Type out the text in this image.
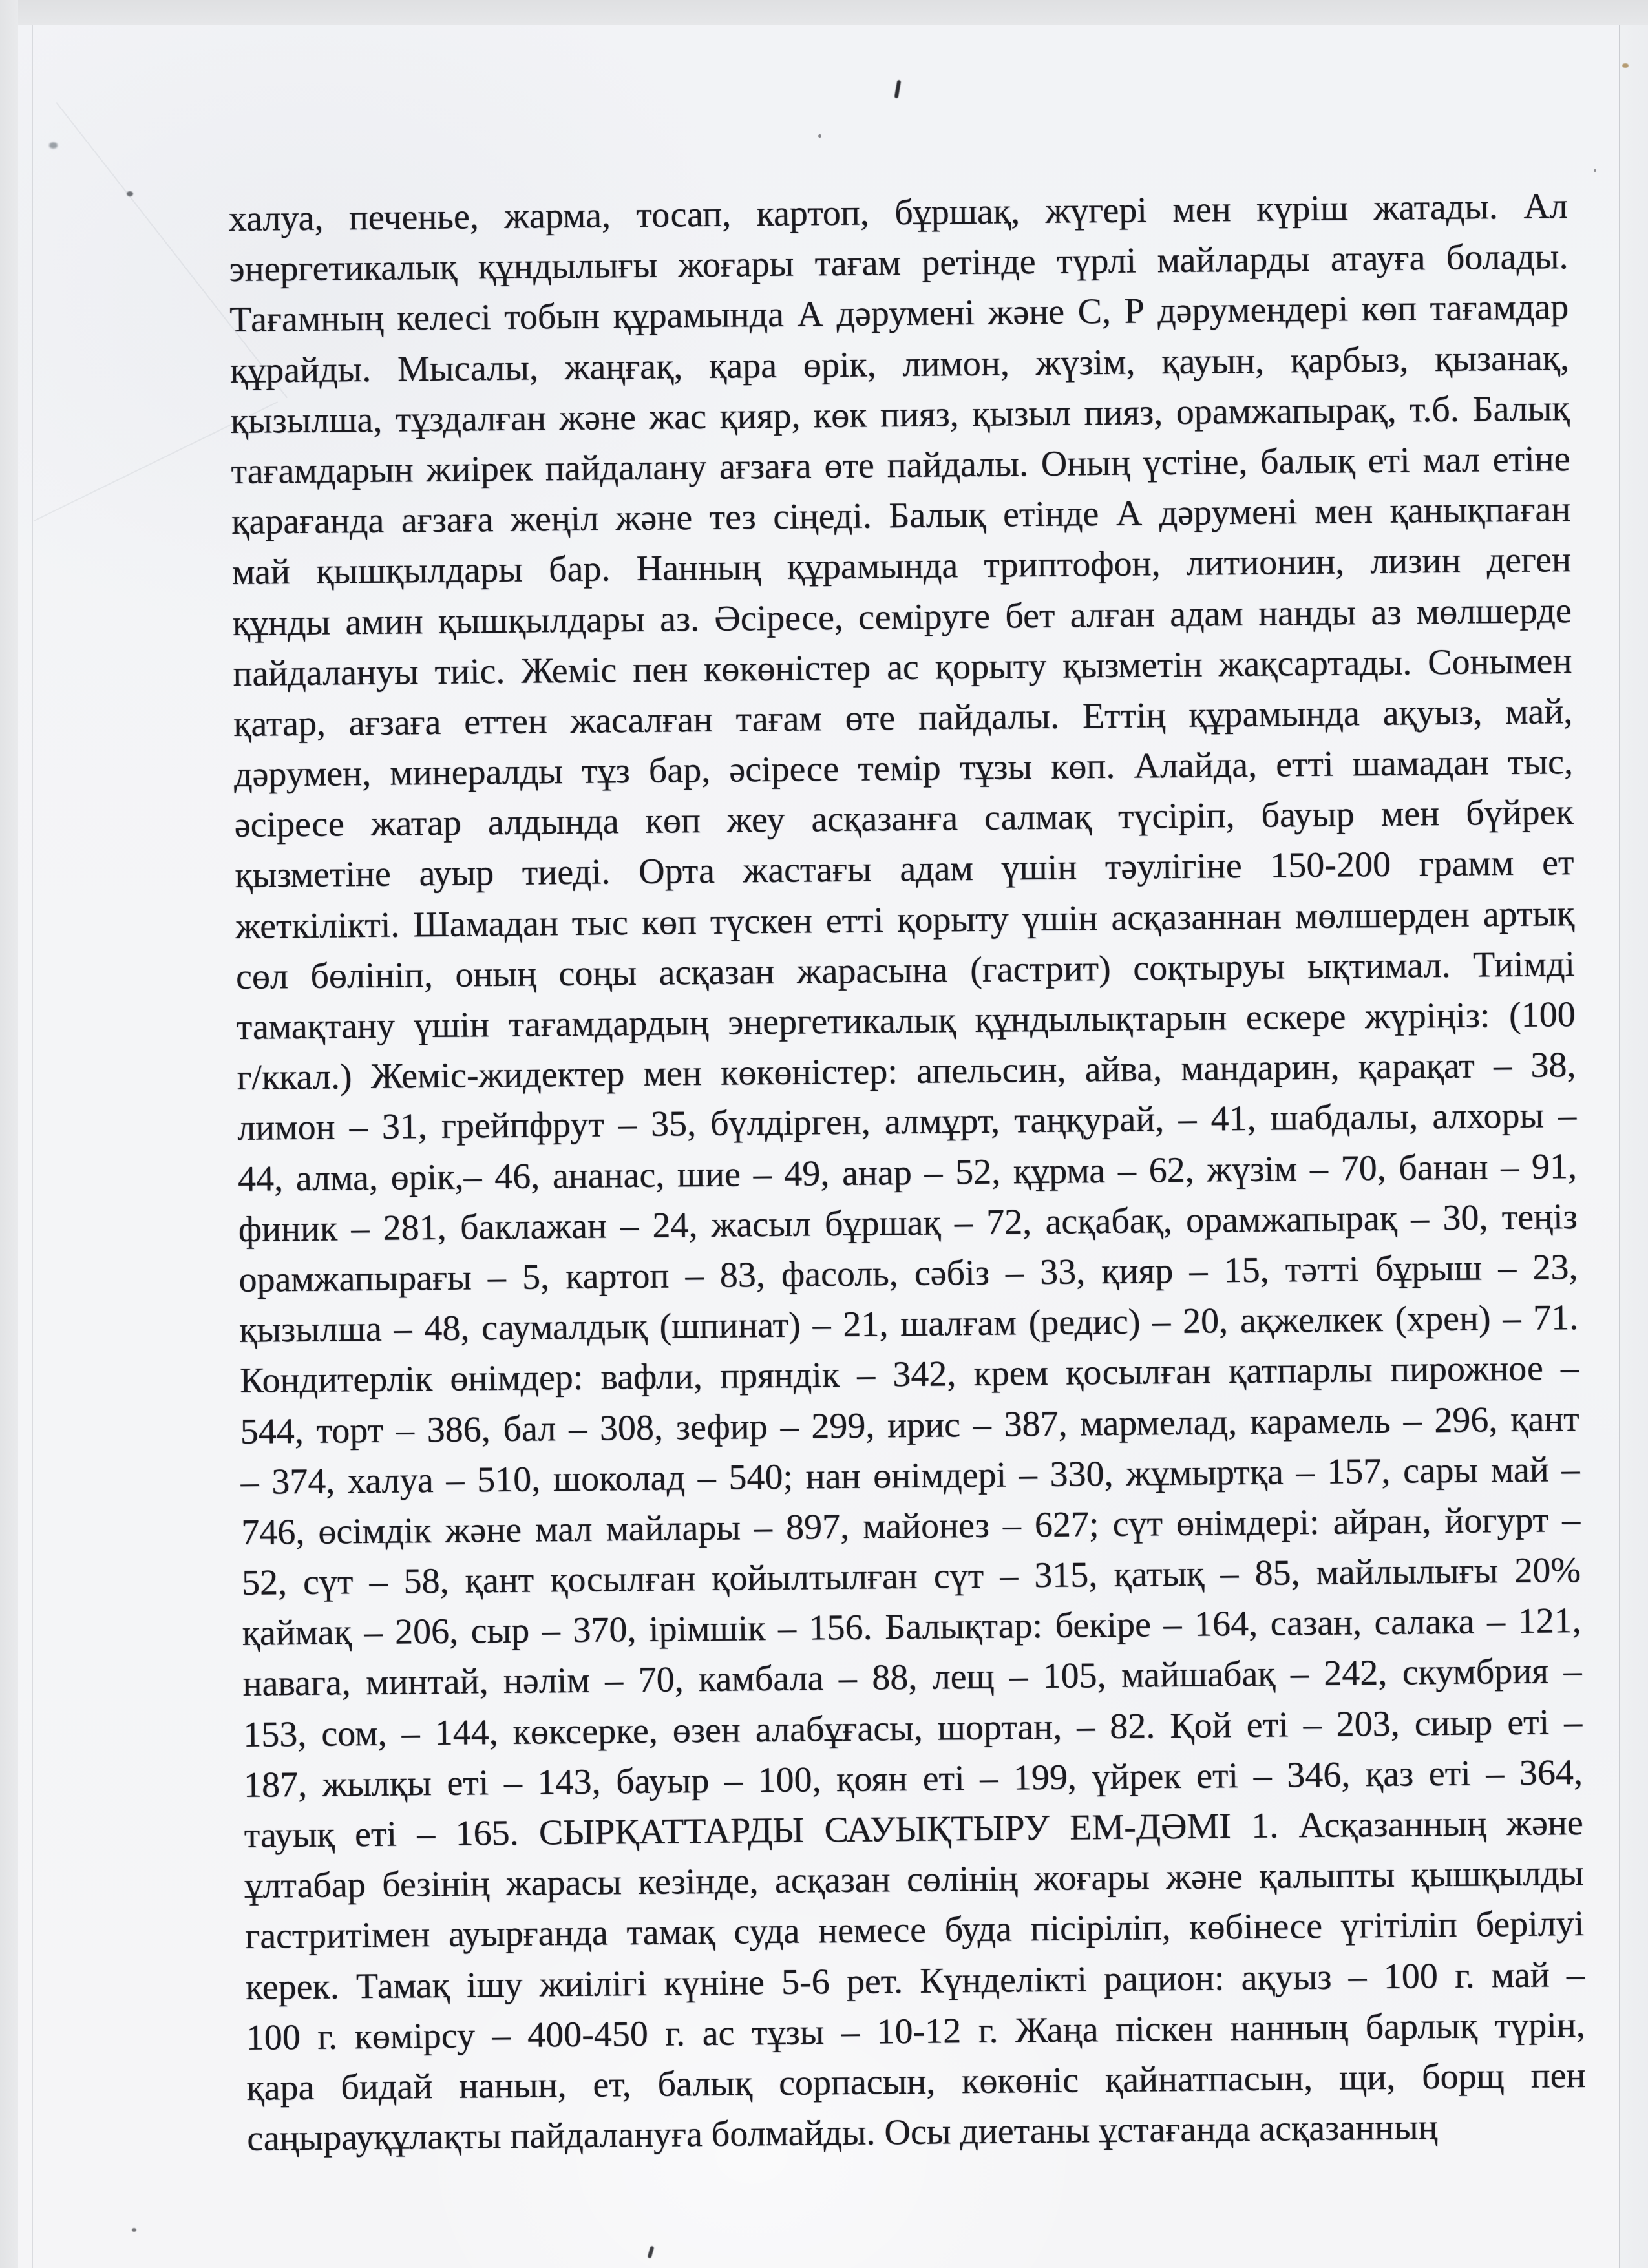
халуа, печенье, жарма, тосап, картоп, бұршақ, жүгері мен күріш жатады. Ал
энергетикалық құндылығы жоғары тағам ретінде түрлі майларды атауға болады.
Тағамның келесі тобын құрамында А дәрумені және С, Р дәрумендері көп тағамдар
құрайды. Мысалы, жаңғақ, қара өрік, лимон, жүзім, қауын, қарбыз, қызанақ,
қызылша, тұздалған және жас қияр, көк пияз, қызыл пияз, орамжапырақ, т.б. Балық
тағамдарын жиірек пайдалану ағзаға өте пайдалы. Оның үстіне, балық еті мал етіне
қарағанда ағзаға жеңіл және тез сіңеді. Балық етінде А дәрумені мен қанықпаған
май қышқылдары бар. Нанның құрамында триптофон, литионин, лизин деген
құнды амин қышқылдары аз. Әсіресе, семіруге бет алған адам нанды аз мөлшерде
пайдалануы тиіс. Жеміс пен көкөністер ас қорыту қызметін жақсартады. Сонымен
қатар, ағзаға еттен жасалған тағам өте пайдалы. Еттің құрамында ақуыз, май,
дәрумен, минералды тұз бар, әсіресе темір тұзы көп. Алайда, етті шамадан тыс,
әсіресе жатар алдында көп жеу асқазанға салмақ түсіріп, бауыр мен бүйрек
қызметіне ауыр тиеді. Орта жастағы адам үшін тәулігіне 150-200 грамм ет
жеткілікті. Шамадан тыс көп түскен етті қорыту үшін асқазаннан мөлшерден артық
сөл бөлініп, оның соңы асқазан жарасына (гастрит) соқтыруы ықтимал. Тиімді
тамақтану үшін тағамдардың энергетикалық құндылықтарын ескере жүріңіз: (100
г/ккал.) Жеміс-жидектер мен көкөністер: апельсин, айва, мандарин, қарақат – 38,
лимон – 31, грейпфрут – 35, бүлдірген, алмұрт, таңқурай, – 41, шабдалы, алхоры –
44, алма, өрік,– 46, ананас, шие – 49, анар – 52, құрма – 62, жүзім – 70, банан – 91,
финик – 281, баклажан – 24, жасыл бұршақ – 72, асқабақ, орамжапырақ – 30, теңіз
орамжапырағы – 5, картоп – 83, фасоль, сәбіз – 33, қияр – 15, тәтті бұрыш – 23,
қызылша – 48, саумалдық (шпинат) – 21, шалғам (редис) – 20, ақжелкек (хрен) – 71.
Кондитерлік өнімдер: вафли, пряндік – 342, крем қосылған қатпарлы пирожное –
544, торт – 386, бал – 308, зефир – 299, ирис – 387, мармелад, карамель – 296, қант
– 374, халуа – 510, шоколад – 540; нан өнімдері – 330, жұмыртқа – 157, сары май –
746, өсімдік және мал майлары – 897, майонез – 627; сүт өнімдері: айран, йогурт –
52, сүт – 58, қант қосылған қойылтылған сүт – 315, қатық – 85, майлылығы 20%
қаймақ – 206, сыр – 370, ірімшік – 156. Балықтар: бекіре – 164, сазан, салака – 121,
навага, минтай, нәлім – 70, камбала – 88, лещ – 105, майшабақ – 242, скумбрия –
153, сом, – 144, көксерке, өзен алабұғасы, шортан, – 82. Қой еті – 203, сиыр еті –
187, жылқы еті – 143, бауыр – 100, қоян еті – 199, үйрек еті – 346, қаз еті – 364,
тауық еті – 165. СЫРҚАТТАРДЫ САУЫҚТЫРУ ЕМ-ДӘМІ 1. Асқазанның және
ұлтабар безінің жарасы кезінде, асқазан сөлінің жоғары және қалыпты қышқылды
гастритімен ауырғанда тамақ суда немесе буда пісіріліп, көбінесе үгітіліп берілуі
керек. Тамақ ішу жиілігі күніне 5-6 рет. Күнделікті рацион: ақуыз – 100 г. май –
100 г. көмірсу – 400-450 г. ас тұзы – 10-12 г. Жаңа піскен нанның барлық түрін,
қара бидай нанын, ет, балық сорпасын, көкөніс қайнатпасын, щи, борщ пен
саңырауқұлақты пайдалануға болмайды. Осы диетаны ұстағанда асқазанның
